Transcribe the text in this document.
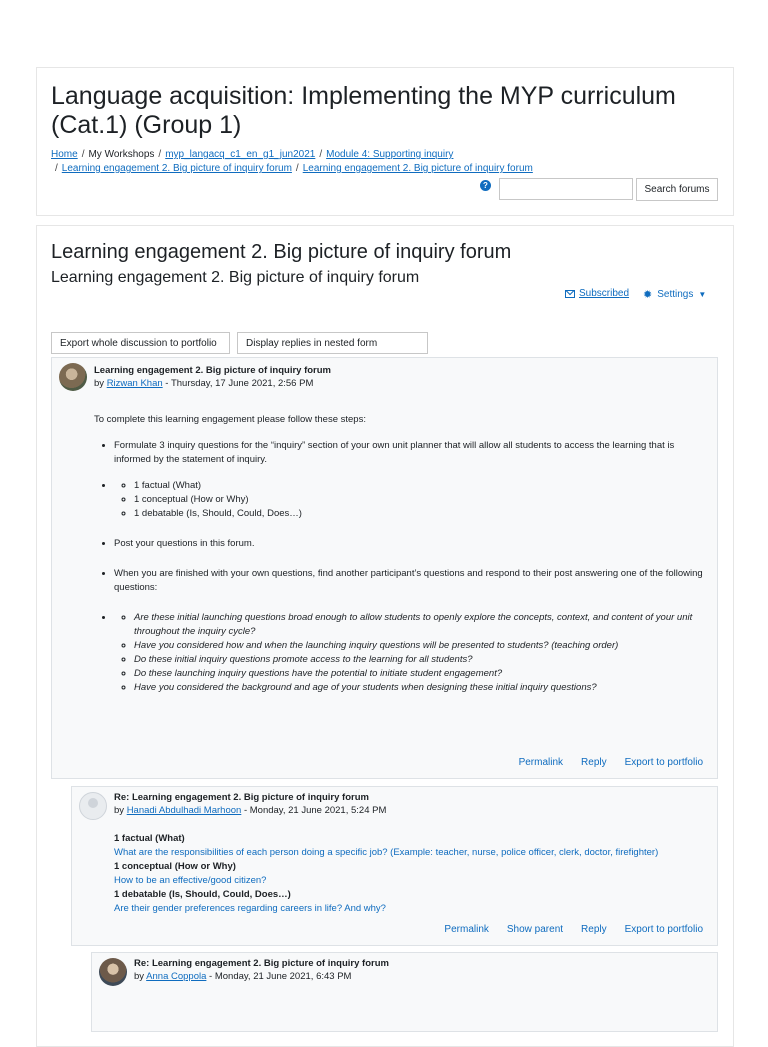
Language acquisition: Implementing the MYP curriculum (Cat.1) (Group 1)
Home / My Workshops / myp_langacq_c1_en_g1_jun2021 / Module 4: Supporting inquiry
/ Learning engagement 2. Big picture of inquiry forum / Learning engagement 2. Big picture of inquiry forum
?	Search forums
Learning engagement 2. Big picture of inquiry forum
Learning engagement 2. Big picture of inquiry forum
Subscribed ✹ Settings ▼
Export whole discussion to portfolio	Display replies in nested form
Learning engagement 2. Big picture of inquiry forum
by Rizwan Khan - Thursday, 17 June 2021, 2:56 PM
To complete this learning engagement please follow these steps:
• Formulate 3 inquiry questions for the “inquiry” section of your own unit planner that will allow all students to access the learning that is informed by the statement of inquiry.
◦ • 1 factual (What)
◦ 1 conceptual (How or Why)
◦ 1 debatable (Is, Should, Could, Does…)
• Post your questions in this forum.
• When you are finished with your own questions, find another participant’s questions and respond to their post answering one of the following questions:
◦ • Are these initial launching questions broad enough to allow students to openly explore the concepts, context, and content of your unit throughout the inquiry cycle?
◦ Have you considered how and when the launching inquiry questions will be presented to students? (teaching order)
◦ Do these initial inquiry questions promote access to the learning for all students?
◦ Do these launching inquiry questions have the potential to initiate student engagement?
◦ Have you considered the background and age of your students when designing these initial inquiry questions?
Permalink Reply Export to portfolio
Re: Learning engagement 2. Big picture of inquiry forum
by Hanadi Abdulhadi Marhoon - Monday, 21 June 2021, 5:24 PM
1 factual (What)
What are the responsibilities of each person doing a specific job? (Example: teacher, nurse, police officer, clerk, doctor, firefighter)
1 conceptual (How or Why)
How to be an effective/good citizen?
1 debatable (Is, Should, Could, Does…)
Are their gender preferences regarding careers in life? And why?
Permalink Show parent Reply Export to portfolio
Re: Learning engagement 2. Big picture of inquiry forum
by Anna Coppola - Monday, 21 June 2021, 6:43 PM
